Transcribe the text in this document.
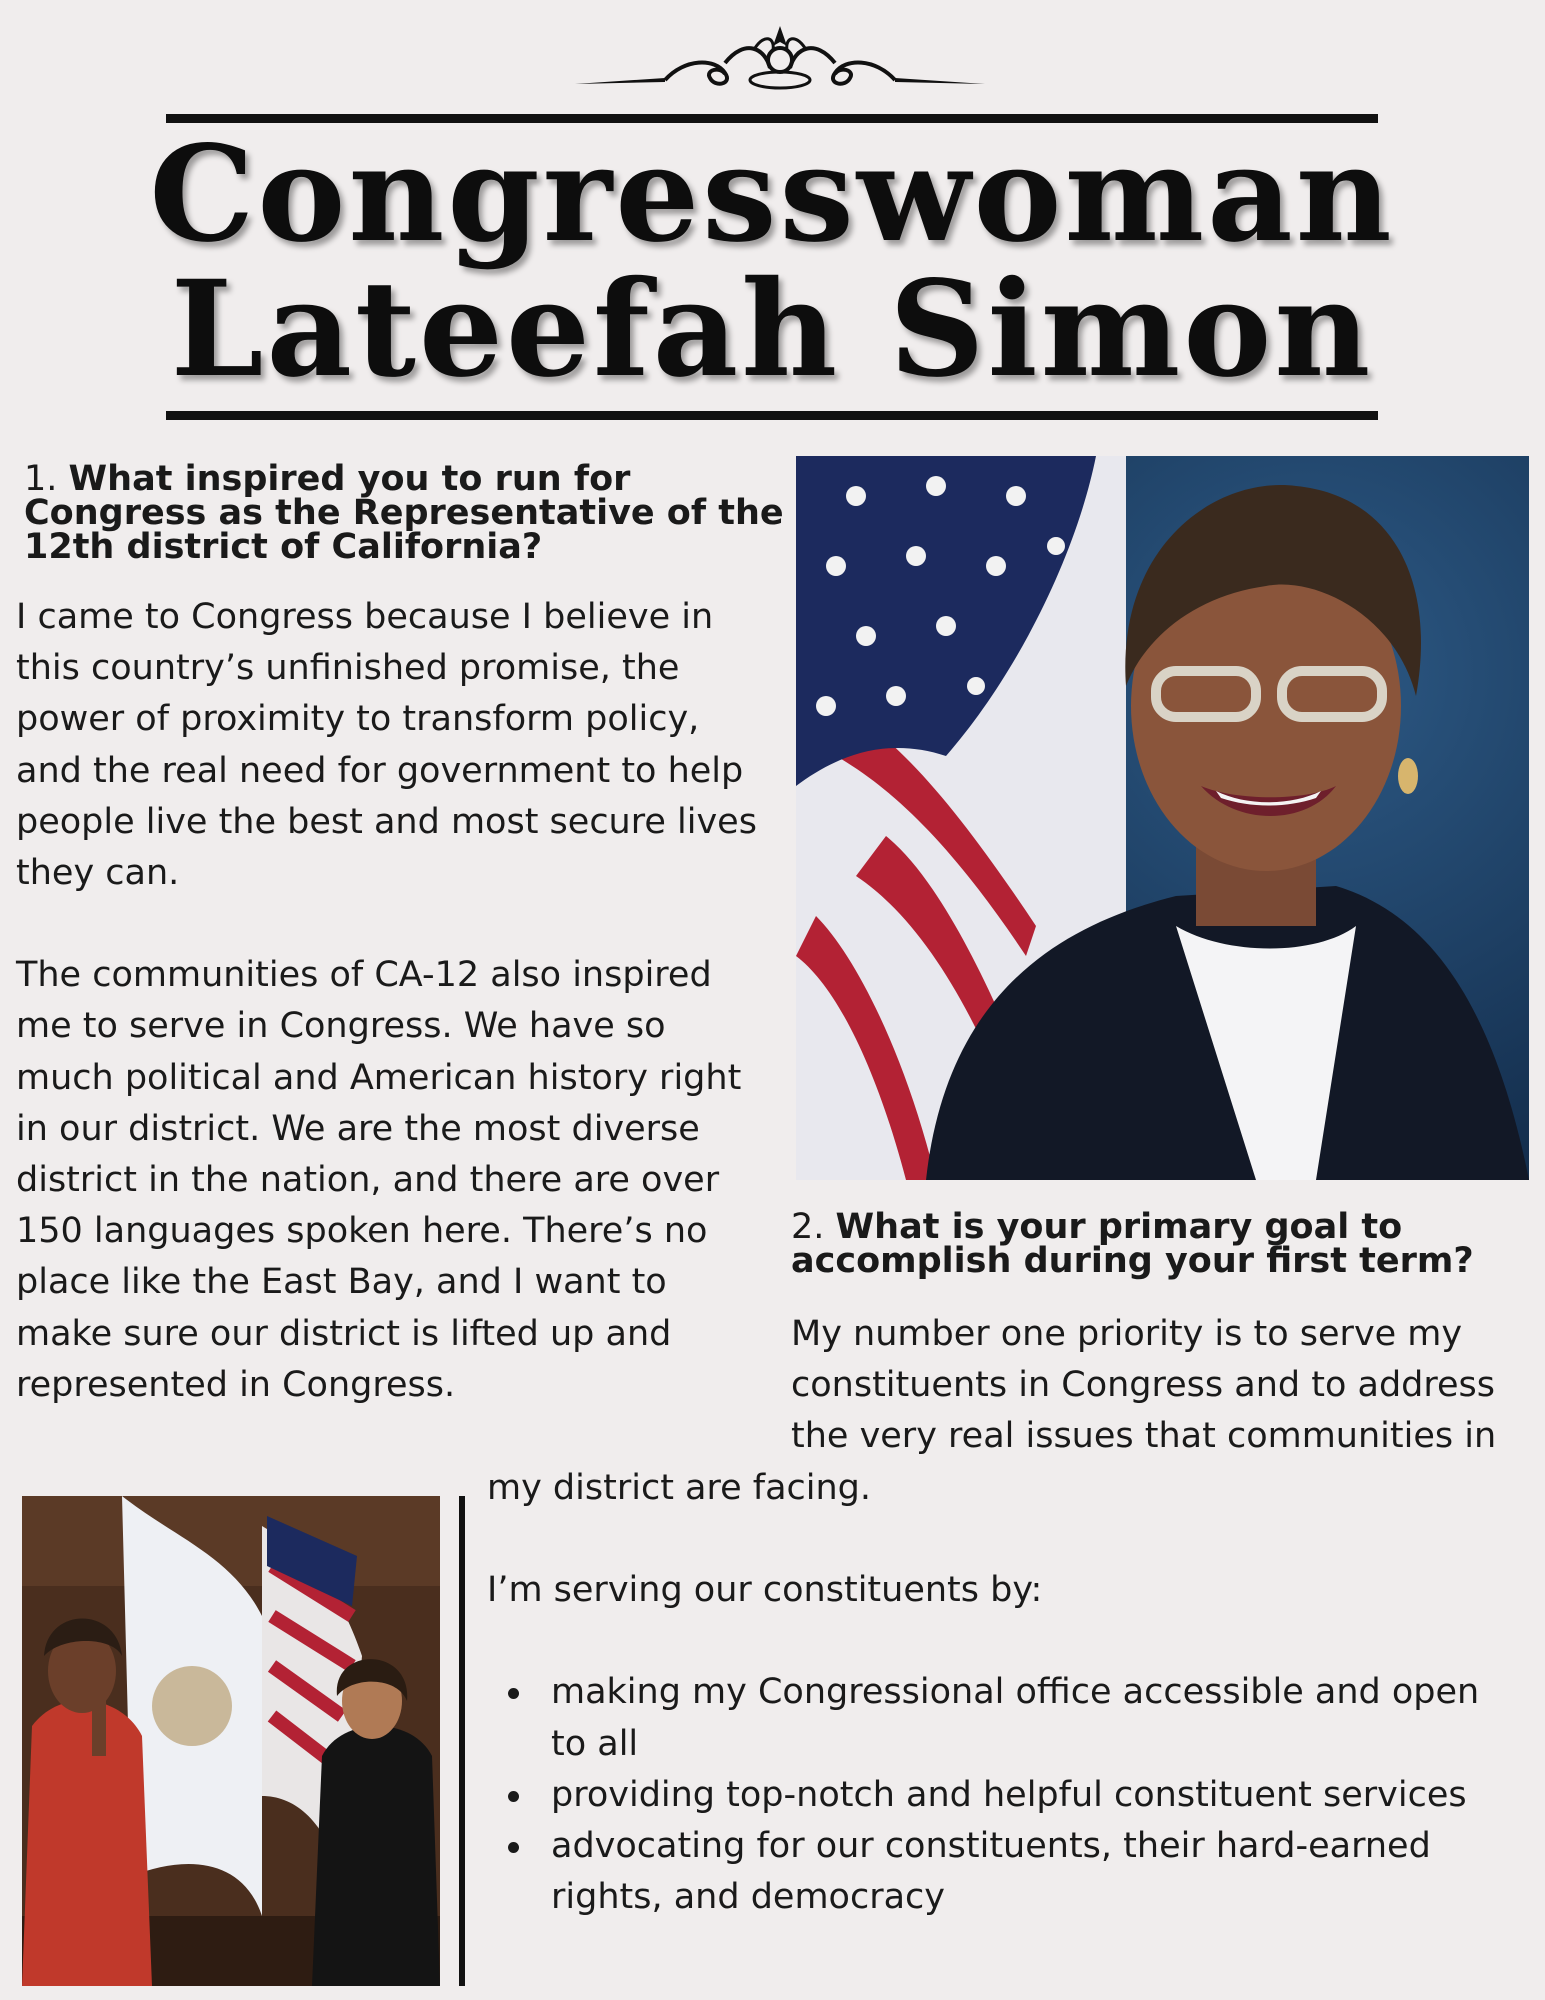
Congresswoman
Lateefah Simon
1. What inspired you to run for Congress as the Representative of the 12th district of California?
I came to Congress because I believe in
this country’s unfinished promise, the
power of proximity to transform policy,
and the real need for government to help
people live the best and most secure lives
they can.
The communities of CA-12 also inspired
me to serve in Congress. We have so
much political and American history right
in our district. We are the most diverse
district in the nation, and there are over
150 languages spoken here. There’s no
place like the East Bay, and I want to
make sure our district is lifted up and
represented in Congress.
2. What is your primary goal to accomplish during your first term?
My number one priority is to serve my
constituents in Congress and to address
the very real issues that communities in
my district are facing.
I’m serving our constituents by:
making my Congressional office accessible and open
to all
providing top-notch and helpful constituent services
advocating for our constituents, their hard-earned
rights, and democracy
